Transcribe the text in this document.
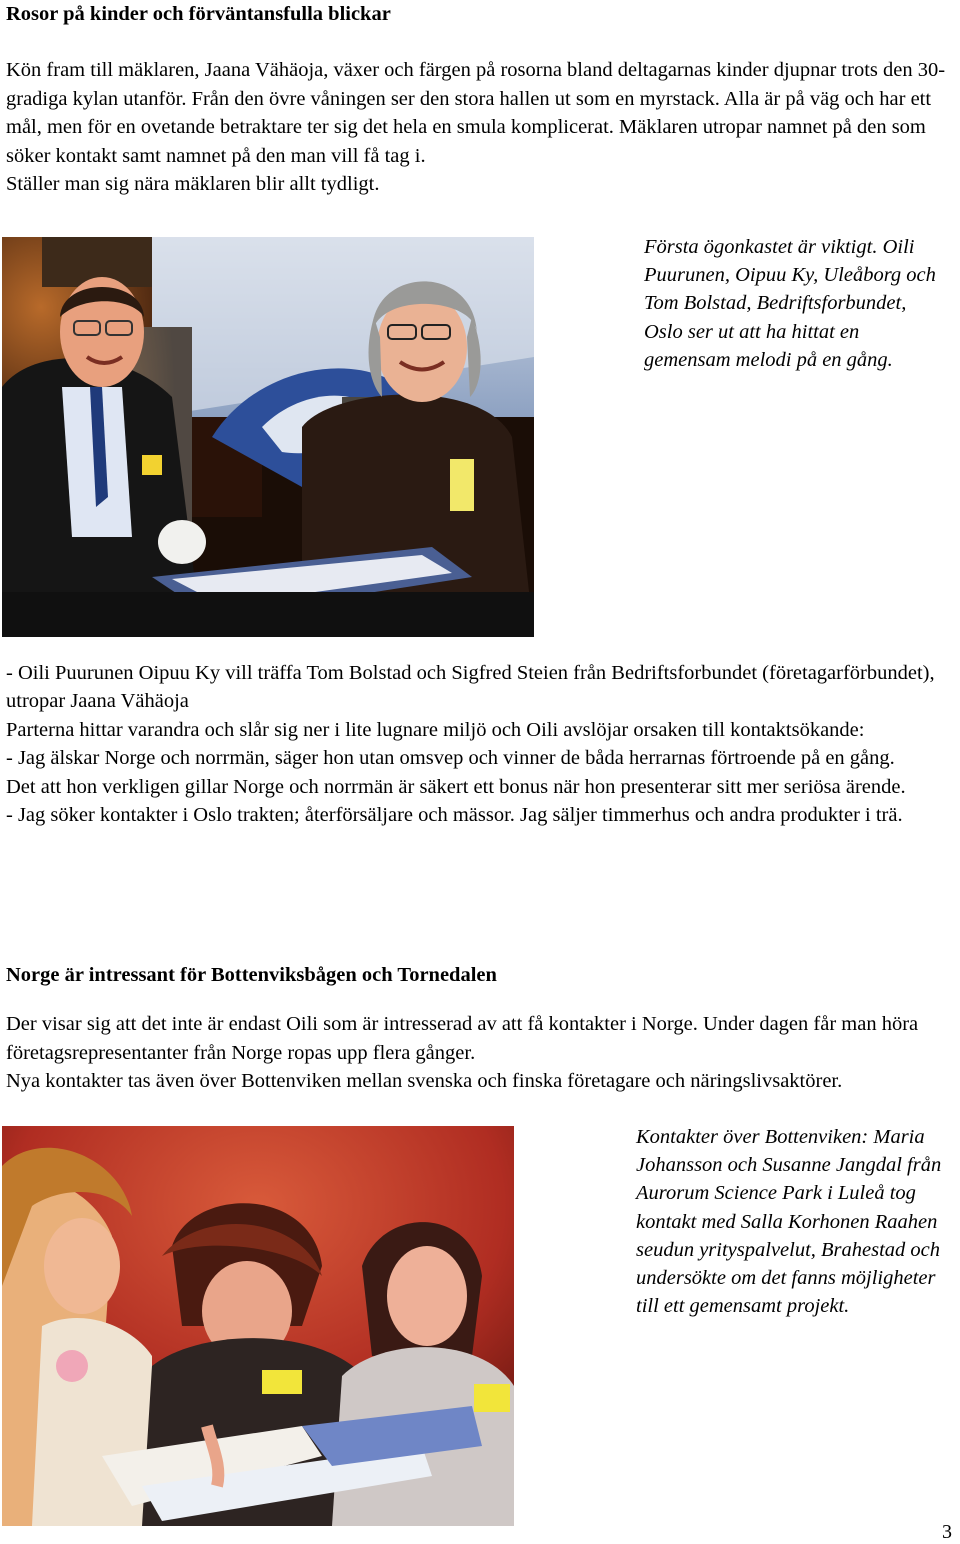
Rosor på kinder och förväntansfulla blickar

Kön fram till mäklaren, Jaana Vähäoja, växer och färgen på rosorna bland deltagarnas kinder djupnar trots den 30-gradiga kylan utanför. Från den övre våningen ser den stora hallen ut som en myrstack. Alla är på väg och har ett mål, men för en ovetande betraktare ter sig det hela en smula komplicerat. Mäklaren utropar namnet på den som söker kontakt samt namnet på den man vill få tag i.

Ställer man sig nära mäklaren blir allt tydligt.

Första ögonkastet är viktigt. Oili Puurunen, Oipuu Ky, Uleåborg och Tom Bolstad, Bedriftsforbundet, Oslo ser ut att ha hittat en gemensam melodi på en gång.

- Oili Puurunen Oipuu Ky vill träffa Tom Bolstad och Sigfred Steien från Bedriftsforbundet (företagarförbundet), utropar Jaana Vähäoja

Parterna hittar varandra och slår sig ner i lite lugnare miljö och Oili avslöjar orsaken till kontaktsökande:

- Jag älskar Norge och norrmän, säger hon utan omsvep och vinner de båda herrarnas förtroende på en gång.

Det att hon verkligen gillar Norge och norrmän är säkert ett bonus när hon presenterar sitt mer seriösa ärende.

- Jag söker kontakter i Oslo trakten; återförsäljare och mässor. Jag säljer timmerhus och andra produkter i trä.

Norge är intressant för Bottenviksbågen och Tornedalen

Der visar sig att det inte är endast Oili som är intresserad av att få kontakter i Norge. Under dagen får man höra företagsrepresentanter från Norge ropas upp flera gånger.

Nya kontakter tas även över Bottenviken mellan svenska och finska företagare och näringslivsaktörer.

Kontakter över Bottenviken: Maria Johansson och Susanne Jangdal från Aurorum Science Park i Luleå tog kontakt med Salla Korhonen Raahen seudun yrityspalvelut, Brahestad och undersökte om det fanns möjligheter till ett gemensamt projekt.

3
